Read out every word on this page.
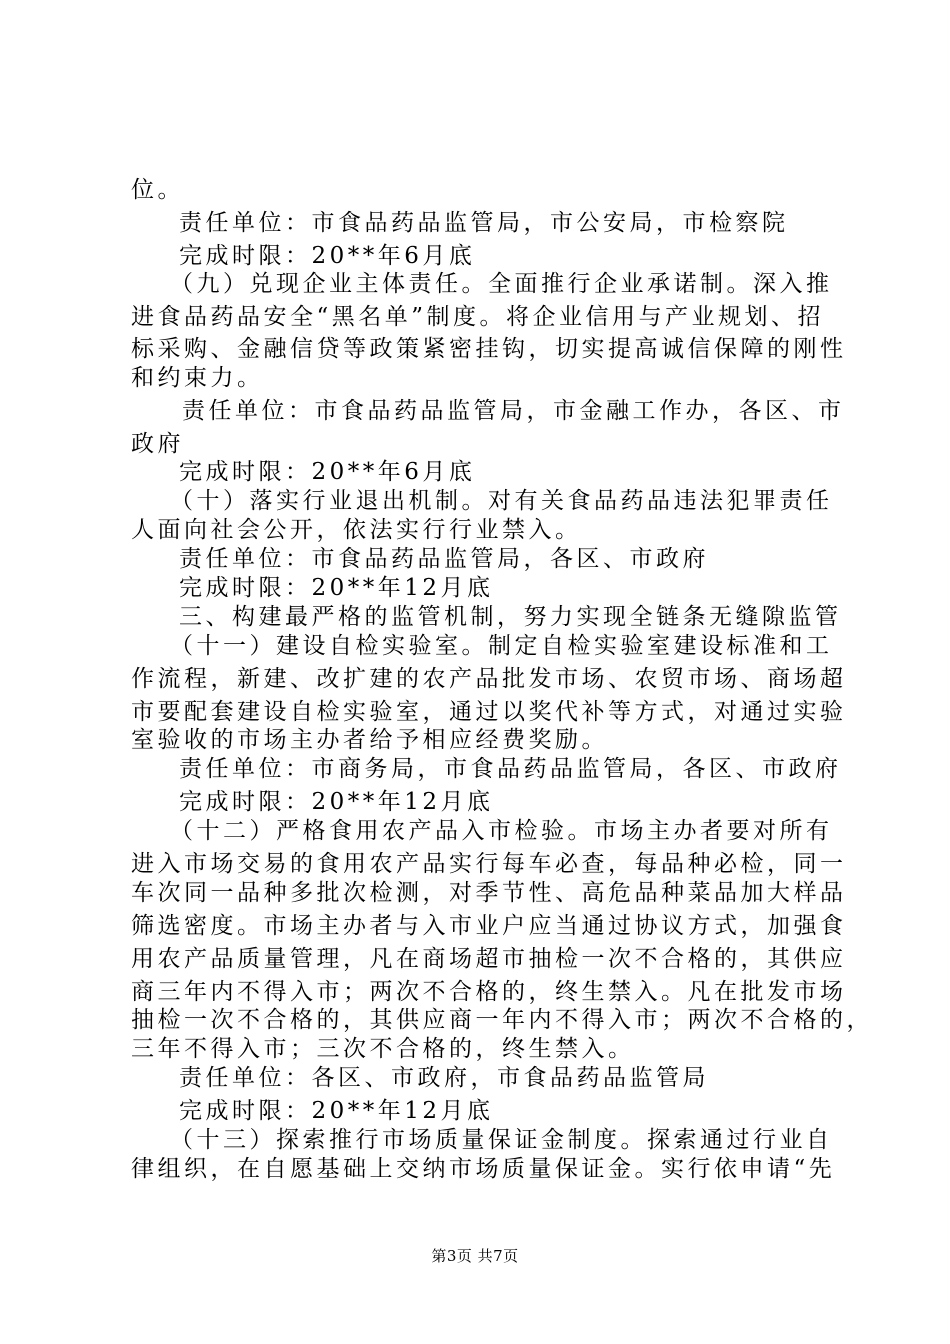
位。
责任单位：市食品药品监管局，市公安局，市检察院
完成时限：20**年6月底
（九）兑现企业主体责任。全面推行企业承诺制。深入推
进食品药品安全“黑名单”制度。将企业信用与产业规划、招
标采购、金融信贷等政策紧密挂钩，切实提高诚信保障的刚性
和约束力。
责任单位：市食品药品监管局，市金融工作办，各区、市
政府
完成时限：20**年6月底
（十）落实行业退出机制。对有关食品药品违法犯罪责任
人面向社会公开，依法实行行业禁入。
责任单位：市食品药品监管局，各区、市政府
完成时限：20**年12月底
三、构建最严格的监管机制，努力实现全链条无缝隙监管
（十一）建设自检实验室。制定自检实验室建设标准和工
作流程，新建、改扩建的农产品批发市场、农贸市场、商场超
市要配套建设自检实验室，通过以奖代补等方式，对通过实验
室验收的市场主办者给予相应经费奖励。
责任单位：市商务局，市食品药品监管局，各区、市政府
完成时限：20**年12月底
（十二）严格食用农产品入市检验。市场主办者要对所有
进入市场交易的食用农产品实行每车必查，每品种必检，同一
车次同一品种多批次检测，对季节性、高危品种菜品加大样品
筛选密度。市场主办者与入市业户应当通过协议方式，加强食
用农产品质量管理，凡在商场超市抽检一次不合格的，其供应
商三年内不得入市；两次不合格的，终生禁入。凡在批发市场
抽检一次不合格的，其供应商一年内不得入市；两次不合格的，
三年不得入市；三次不合格的，终生禁入。
责任单位：各区、市政府，市食品药品监管局
完成时限：20**年12月底
（十三）探索推行市场质量保证金制度。探索通过行业自
律组织，在自愿基础上交纳市场质量保证金。实行依申请“先
第3页 共7页
